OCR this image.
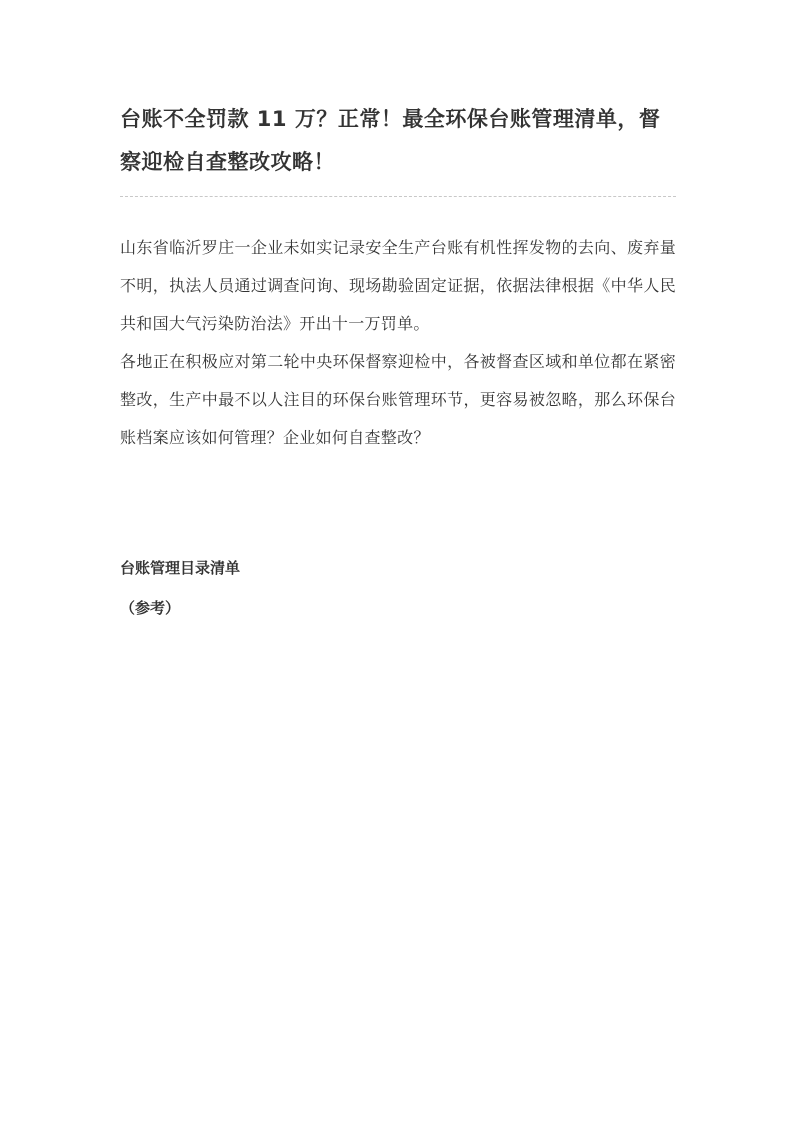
台账不全罚款 11 万？正常！最全环保台账管理清单，督察迎检自查整改攻略！

山东省临沂罗庄一企业未如实记录安全生产台账有机性挥发物的去向、废弃量不明，执法人员通过调查问询、现场勘验固定证据，依据法律根据《中华人民共和国大气污染防治法》开出十一万罚单。

各地正在积极应对第二轮中央环保督察迎检中，各被督查区域和单位都在紧密整改，生产中最不以人注目的环保台账管理环节，更容易被忽略，那么环保台账档案应该如何管理？企业如何自查整改？

台账管理目录清单

（参考）
